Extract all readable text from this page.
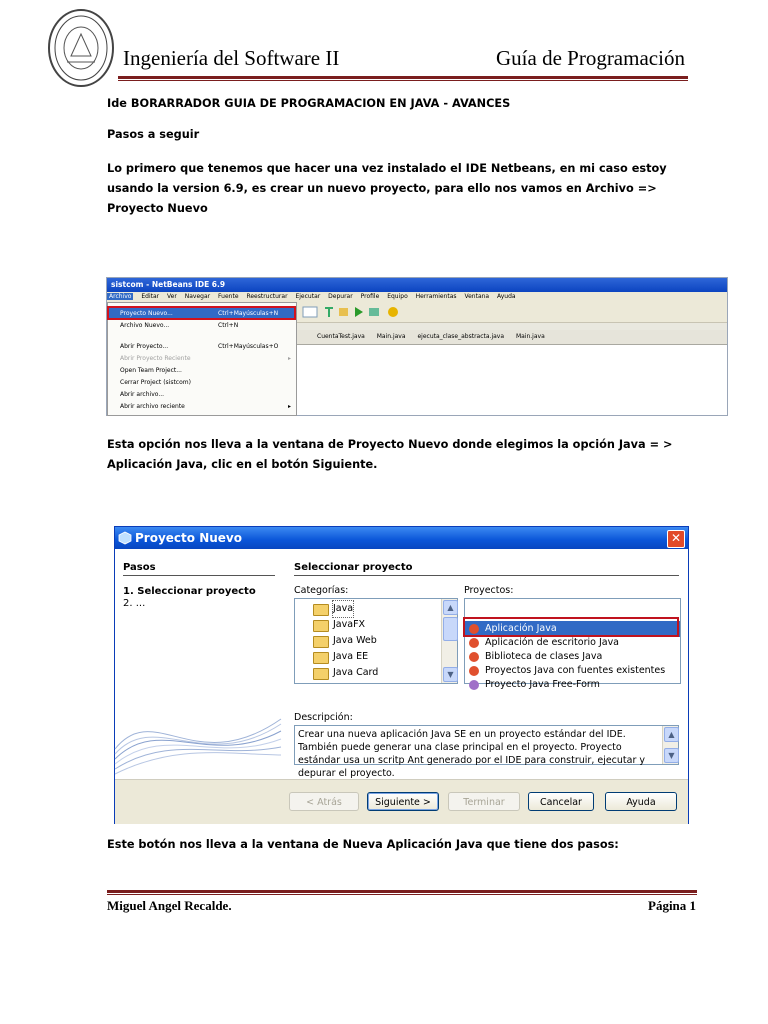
Ingeniería del Software II	Guía de Programación
Ide BORARRADOR GUIA DE PROGRAMACION EN JAVA - AVANCES
Pasos a seguir
Lo primero que tenemos que hacer una vez instalado el IDE Netbeans, en mi caso estoy usando la version 6.9, es crear un nuevo proyecto, para ello nos vamos en Archivo => Proyecto Nuevo
sistcom - NetBeans IDE 6.9
Archivo Editar Ver Navegar Fuente Reestructurar Ejecutar Depurar Profile Equipo Herramientas Ventana Ayuda
CuentaTest.java Main.java ejecuta_clase_abstracta.java Main.java
Proyecto Nuevo...	Ctrl+Mayúsculas+N
Archivo Nuevo...	Ctrl+N
Abrir Proyecto...	Ctrl+Mayúsculas+O
Abrir Proyecto Reciente	▸
Open Team Project...
Cerrar Project (sistcom)
Abrir archivo...
Abrir archivo reciente	▸
Esta opción nos lleva a la ventana de Proyecto Nuevo donde elegimos la opción Java = > Aplicación Java, clic en el botón Siguiente.
Proyecto Nuevo	✕
Pasos
1. Seleccionar proyecto
2. ...
Seleccionar proyecto
Categorías:
Java
JavaFX
Java Web
Java EE
Java Card
▲
▼
Proyectos:
Aplicación Java
Aplicación de escritorio Java
Biblioteca de clases Java
Proyectos Java con fuentes existentes
Proyecto Java Free-Form
Descripción:
Crear una nueva aplicación Java SE en un proyecto estándar del IDE. También puede generar una clase principal en el proyecto. Proyecto estándar usa un scritp Ant generado por el IDE para construir, ejecutar y depurar el proyecto.
▲
▼
< Atrás	Siguiente >	Terminar	Cancelar	Ayuda
Este botón nos lleva a la ventana de Nueva Aplicación Java que tiene dos pasos:
Miguel Angel Recalde.	Página 1
